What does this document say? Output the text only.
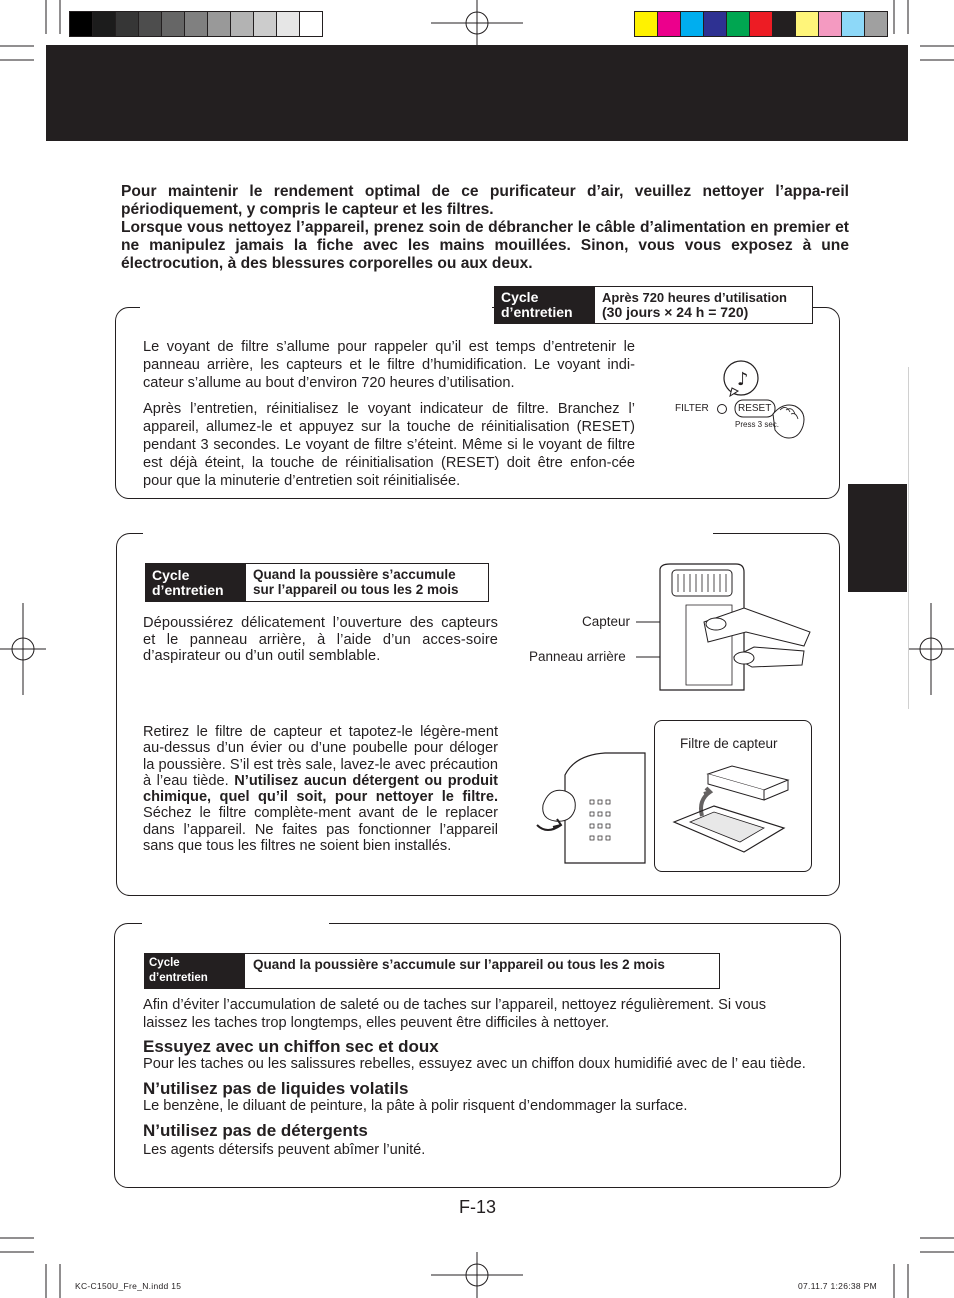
Pour maintenir le rendement optimal de ce purificateur d’air, veuillez nettoyer l’appa-reil périodiquement, y compris le capteur et les filtres.

Lorsque vous nettoyez l’appareil, prenez soin de débrancher le câble d’alimentation en premier et ne manipulez jamais la fiche avec les mains mouillées. Sinon, vous vous exposez à une électrocution, à des blessures corporelles ou aux deux.

Cycle d’entretien
Après 720 heures d’utilisation
(30 jours × 24 h = 720)

Le voyant de filtre s’allume pour rappeler qu’il est temps d’entretenir le panneau arrière, les capteurs et le filtre d’humidification. Le voyant indi-cateur s’allume au bout d’environ 720 heures d’utilisation.

Après l’entretien, réinitialisez le voyant indicateur de filtre. Branchez l’ appareil, allumez-le et appuyez sur la touche de réinitialisation (RESET) pendant 3 secondes. Le voyant de filtre s’éteint. Même si le voyant de filtre est déjà éteint, la touche de réinitialisation (RESET) doit être enfon-cée pour que la minuterie d’entretien soit réinitialisée.

♪
FILTER	RESET
Press 3 sec.
Cycle d’entretien
Quand la poussière s’accumule
sur l’appareil ou tous les 2 mois

Dépoussiérez délicatement l’ouverture des capteurs et le panneau arrière, à l’aide d’un acces-soire d’aspirateur ou d’un outil semblable.

Capteur
Panneau arrière

Retirez le filtre de capteur et tapotez-le légère-ment au-dessus d’un évier ou d’une poubelle pour déloger la poussière. S’il est très sale, lavez-le avec précaution à l’eau tiède. N’utilisez aucun détergent ou produit chimique, quel qu’il soit, pour nettoyer le filtre. Séchez le filtre complète-ment avant de le replacer dans l’appareil. Ne faites pas fonctionner l’appareil sans que tous les filtres ne soient bien installés.

Filtre de capteur
Cycle d’entretien
Quand la poussière s’accumule sur l’appareil ou tous les 2 mois
Afin d’éviter l’accumulation de saleté ou de taches sur l’appareil, nettoyez régulièrement. Si vous laissez les taches trop longtemps, elles peuvent être difficiles à nettoyer.
Essuyez avec un chiffon sec et doux
Pour les taches ou les salissures rebelles, essuyez avec un chiffon doux humidifié avec de l’ eau tiède.
N’utilisez pas de liquides volatils
Le benzène, le diluant de peinture, la pâte à polir risquent d’endommager la surface.
N’utilisez pas de détergents
Les agents détersifs peuvent abîmer l’unité.
F-13
KC-C150U_Fre_N.indd 15	07.11.7 1:26:38 PM
